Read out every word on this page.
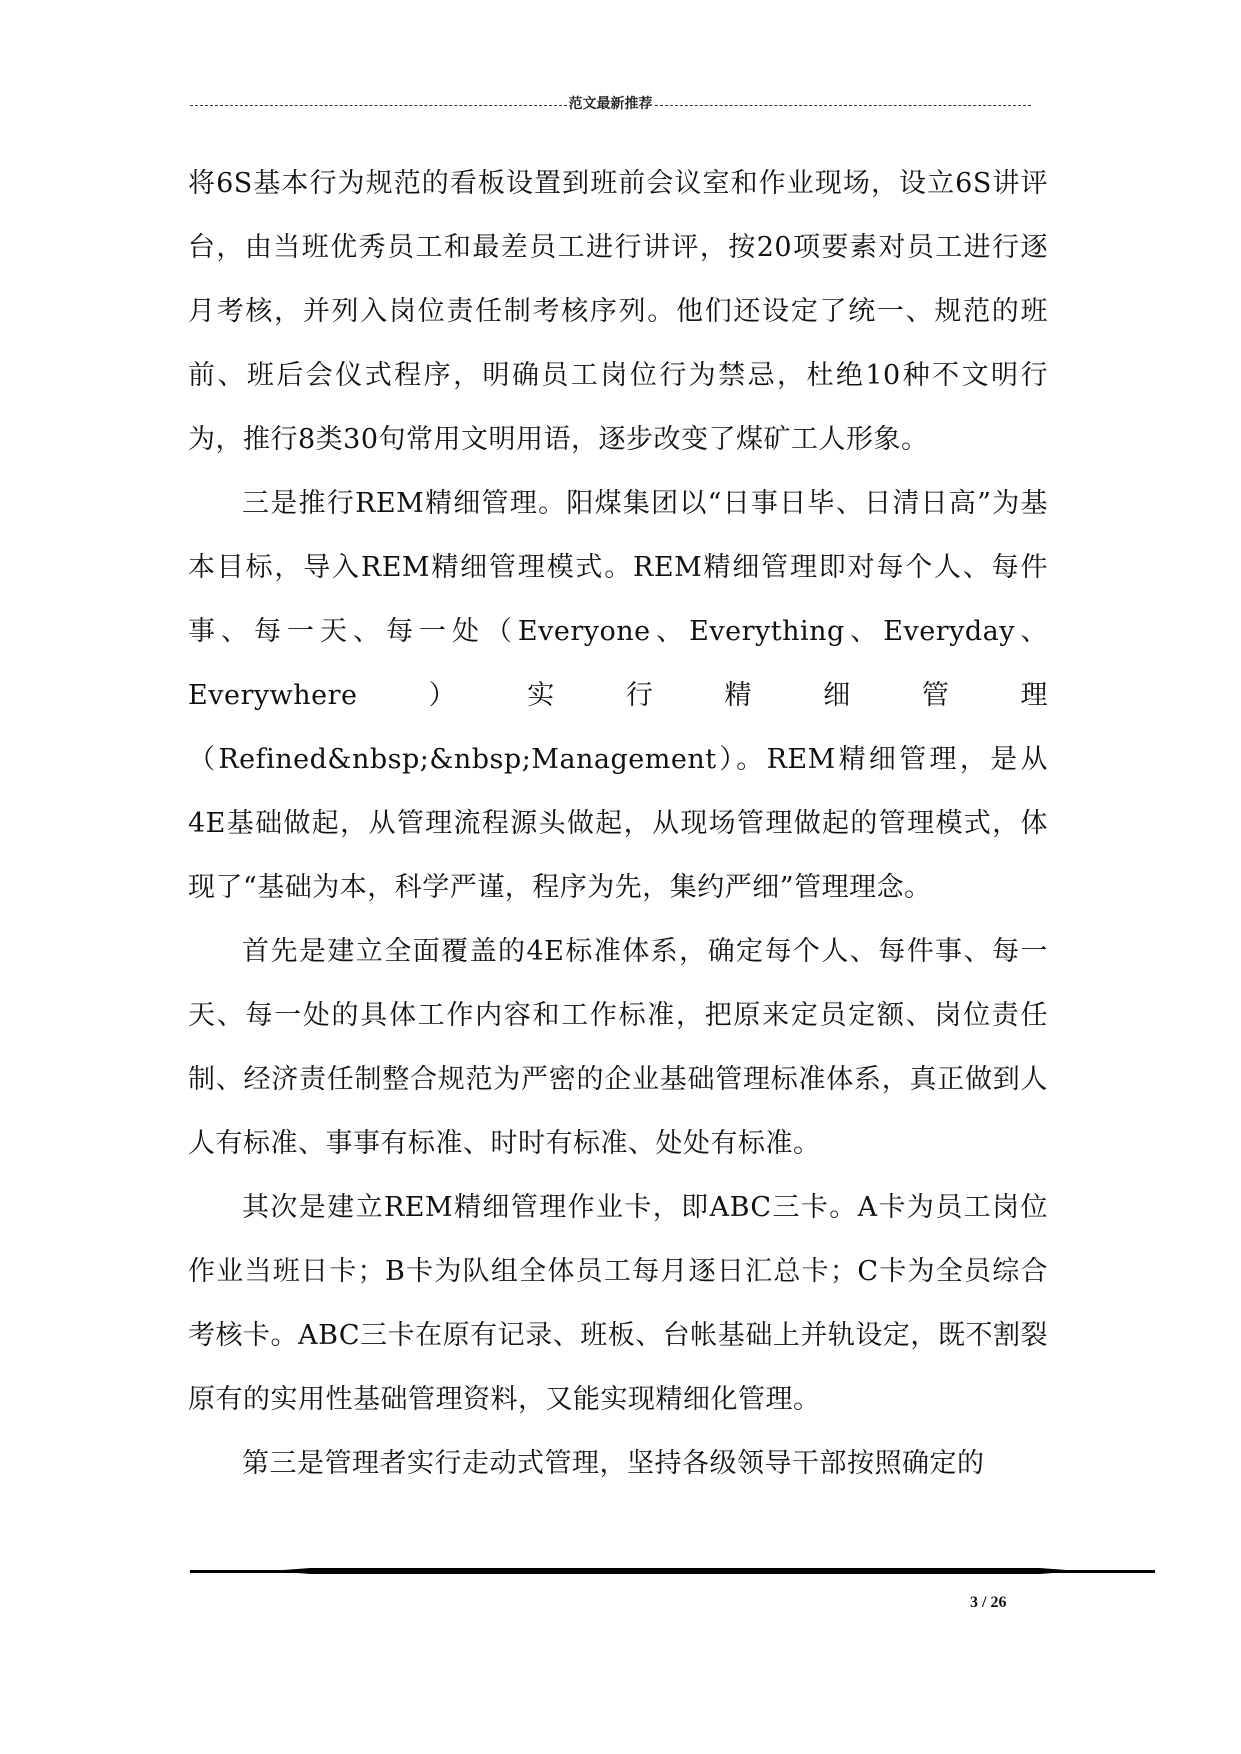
范文最新推荐

将6S基本行为规范的看板设置到班前会议室和作业现场，设立6S讲评台，由当班优秀员工和最差员工进行讲评，按20项要素对员工进行逐月考核，并列入岗位责任制考核序列。他们还设定了统一、规范的班前、班后会仪式程序，明确员工岗位行为禁忌，杜绝10种不文明行为，推行8类30句常用文明用语，逐步改变了煤矿工人形象。

三是推行REM精细管理。阳煤集团以“日事日毕、日清日高”为基本目标，导入REM精细管理模式。REM精细管理即对每个人、每件事、每一天、每一处（Everyone、Everything、Everyday、Everywhere）实行精细管理（Refined&nbsp;&nbsp;Management）。REM精细管理，是从4E基础做起，从管理流程源头做起，从现场管理做起的管理模式，体现了“基础为本，科学严谨，程序为先，集约严细”管理理念。

首先是建立全面覆盖的4E标准体系，确定每个人、每件事、每一天、每一处的具体工作内容和工作标准，把原来定员定额、岗位责任制、经济责任制整合规范为严密的企业基础管理标准体系，真正做到人人有标准、事事有标准、时时有标准、处处有标准。

其次是建立REM精细管理作业卡，即ABC三卡。A卡为员工岗位作业当班日卡；B卡为队组全体员工每月逐日汇总卡；C卡为全员综合考核卡。ABC三卡在原有记录、班板、台帐基础上并轨设定，既不割裂原有的实用性基础管理资料，又能实现精细化管理。

第三是管理者实行走动式管理，坚持各级领导干部按照确定的

3 / 26
